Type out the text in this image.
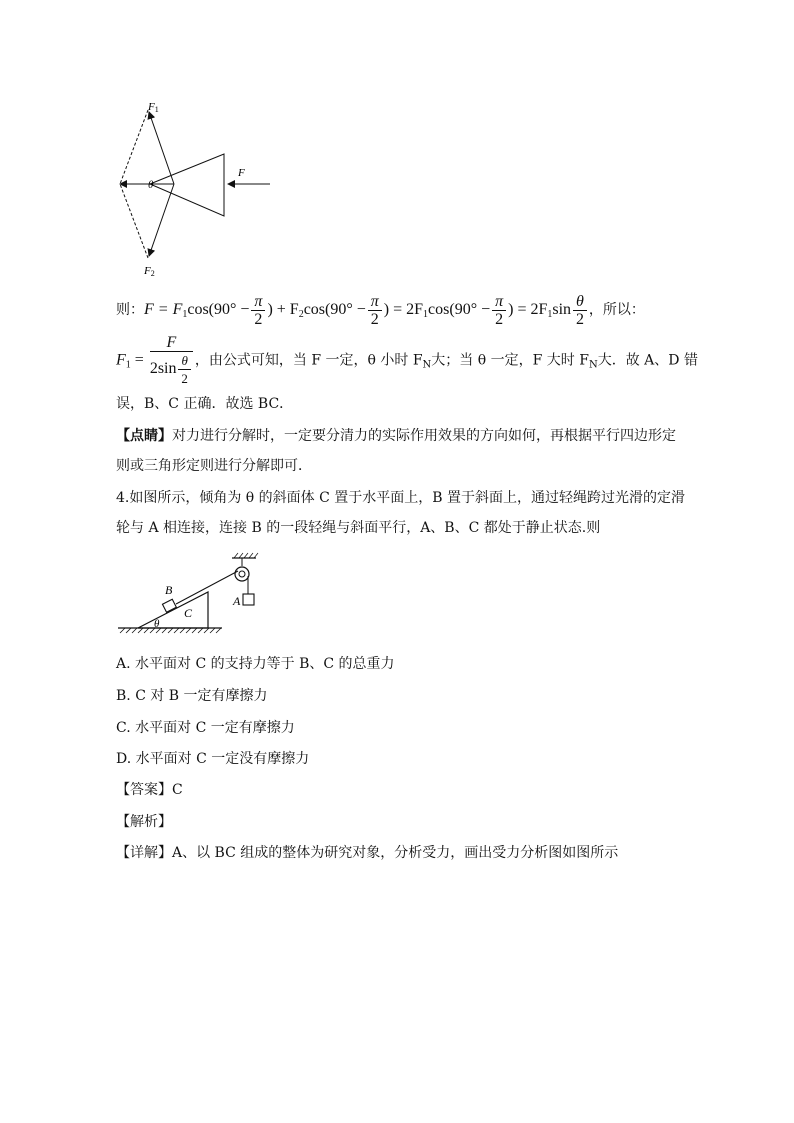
F1
F2
θ
F
则：$F = F_1\cos(90^\circ - \frac{\pi}{2}$ ) + $F_2\cos(90^\circ - \frac{\pi}{2}$ ) = $2F_1\cos(90^\circ - \frac{\pi}{2}$ ) = $2F_1\sin \frac{\theta}{2}$ ，所以：
$F_1 = \frac{F}{2\sin \frac{\theta}{2}}$ ，由公式可知，当 F 一定，θ 小时 $F_N$大；当 θ 一定，F 大时 $F_N$大．故 A、D 错
误，B、C 正确．故选 BC．
【点睛】对力进行分解时，一定要分清力的实际作用效果的方向如何，再根据平行四边形定
则或三角形定则进行分解即可．
4.如图所示，倾角为 θ 的斜面体 C 置于水平面上，B 置于斜面上，通过轻绳跨过光滑的定滑
轮与 A 相连接，连接 B 的一段轻绳与斜面平行，A、B、C 都处于静止状态.则
A
B
C
θ
A. 水平面对 C 的支持力等于 B、C 的总重力
B. C 对 B 一定有摩擦力
C. 水平面对 C 一定有摩擦力
D. 水平面对 C 一定没有摩擦力
【答案】C
【解析】
【详解】A、以 BC 组成的整体为研究对象，分析受力，画出受力分析图如图所示
